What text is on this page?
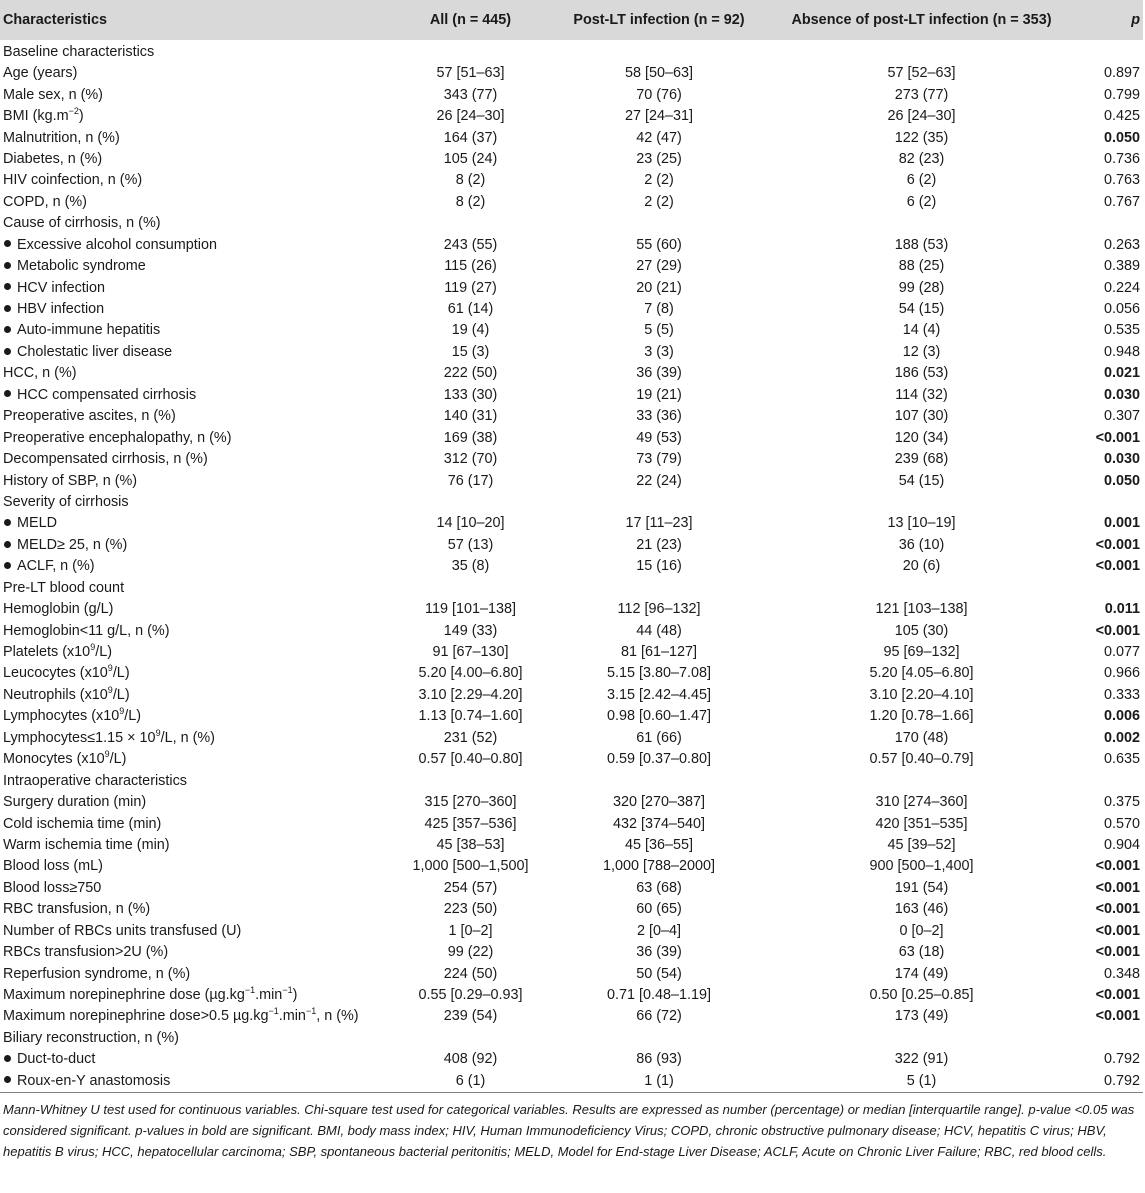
Characteristics	All (n = 445)	Post-LT infection (n = 92)	Absence of post-LT infection (n = 353)	p
Baseline characteristics				
Age (years)	57 [51–63]	58 [50–63]	57 [52–63]	0.897
Male sex, n (%)	343 (77)	70 (76)	273 (77)	0.799
BMI $(kg.m^{-2})$	26 [24–30]	27 [24–31]	26 [24–30]	0.425
Malnutrition, n (%)	164 (37)	42 (47)	122 (35)	0.050
Diabetes, n (%)	105 (24)	23 (25)	82 (23)	0.736
HIV coinfection, n (%)	8 (2)	2 (2)	6 (2)	0.763
COPD, n (%)	8 (2)	2 (2)	6 (2)	0.767
Cause of cirrhosis, n (%)				
Excessive alcohol consumption	243 (55)	55 (60)	188 (53)	0.263
Metabolic syndrome	115 (26)	27 (29)	88 (25)	0.389
HCV infection	119 (27)	20 (21)	99 (28)	0.224
HBV infection	61 (14)	7 (8)	54 (15)	0.056
Auto-immune hepatitis	19 (4)	5 (5)	14 (4)	0.535
Cholestatic liver disease	15 (3)	3 (3)	12 (3)	0.948
HCC, n (%)	222 (50)	36 (39)	186 (53)	0.021
HCC compensated cirrhosis	133 (30)	19 (21)	114 (32)	0.030
Preoperative ascites, n (%)	140 (31)	33 (36)	107 (30)	0.307
Preoperative encephalopathy, n (%)	169 (38)	49 (53)	120 (34)	<0.001
Decompensated cirrhosis, n (%)	312 (70)	73 (79)	239 (68)	0.030
History of SBP, n (%)	76 (17)	22 (24)	54 (15)	0.050
Severity of cirrhosis				
MELD	14 [10–20]	17 [11–23]	13 [10–19]	0.001
MELD≥ 25, n (%)	57 (13)	21 (23)	36 (10)	<0.001
ACLF, n (%)	35 (8)	15 (16)	20 (6)	<0.001
Pre-LT blood count				
Hemoglobin (g/L)	119 [101–138]	112 [96–132]	121 [103–138]	0.011
Hemoglobin<11 g/L, n (%)	149 (33)	44 (48)	105 (30)	<0.001
Platelets $(x10^9/L)$	91 [67–130]	81 [61–127]	95 [69–132]	0.077
Leucocytes $(x10^9/L)$	5.20 [4.00–6.80]	5.15 [3.80–7.08]	5.20 [4.05–6.80]	0.966
Neutrophils $(x10^9/L)$	3.10 [2.29–4.20]	3.15 [2.42–4.45]	3.10 [2.20–4.10]	0.333
Lymphocytes $(x10^9/L)$	1.13 [0.74–1.60]	0.98 [0.60–1.47]	1.20 [0.78–1.66]	0.006
Lymphocytes≤1.15 × $10^9/L$, n (%)	231 (52)	61 (66)	170 (48)	0.002
Monocytes $(x10^9/L)$	0.57 [0.40–0.80]	0.59 [0.37–0.80]	0.57 [0.40–0.79]	0.635
Intraoperative characteristics				
Surgery duration (min)	315 [270–360]	320 [270–387]	310 [274–360]	0.375
Cold ischemia time (min)	425 [357–536]	432 [374–540]	420 [351–535]	0.570
Warm ischemia time (min)	45 [38–53]	45 [36–55]	45 [39–52]	0.904
Blood loss (mL)	1,000 [500–1,500]	1,000 [788–2000]	900 [500–1,400]	<0.001
Blood loss≥750	254 (57)	63 (68)	191 (54)	<0.001
RBC transfusion, n (%)	223 (50)	60 (65)	163 (46)	<0.001
Number of RBCs units transfused (U)	1 [0–2]	2 [0–4]	0 [0–2]	<0.001
RBCs transfusion>2U (%)	99 (22)	36 (39)	63 (18)	<0.001
Reperfusion syndrome, n (%)	224 (50)	50 (54)	174 (49)	0.348
Maximum norepinephrine dose $(\mu g.kg^{-1}.\min^{-1})$	0.55 [0.29–0.93]	0.71 [0.48–1.19]	0.50 [0.25–0.85]	<0.001
Maximum norepinephrine dose>0.5 $\mu g.kg^{-1}.\min^{-1}$, n (%)	239 (54)	66 (72)	173 (49)	<0.001
Biliary reconstruction, n (%)				
Duct-to-duct	408 (92)	86 (93)	322 (91)	0.792
Roux-en-Y anastomosis	6 (1)	1 (1)	5 (1)	0.792
Mann-Whitney U test used for continuous variables. Chi-square test used for categorical variables. Results are expressed as number (percentage) or median [interquartile range]. p-value <0.05 was considered significant. p-values in bold are significant. BMI, body mass index; HIV, Human Immunodeficiency Virus; COPD, chronic obstructive pulmonary disease; HCV, hepatitis C virus; HBV, hepatitis B virus; HCC, hepatocellular carcinoma; SBP, spontaneous bacterial peritonitis; MELD, Model for End-stage Liver Disease; ACLF, Acute on Chronic Liver Failure; RBC, red blood cells.
